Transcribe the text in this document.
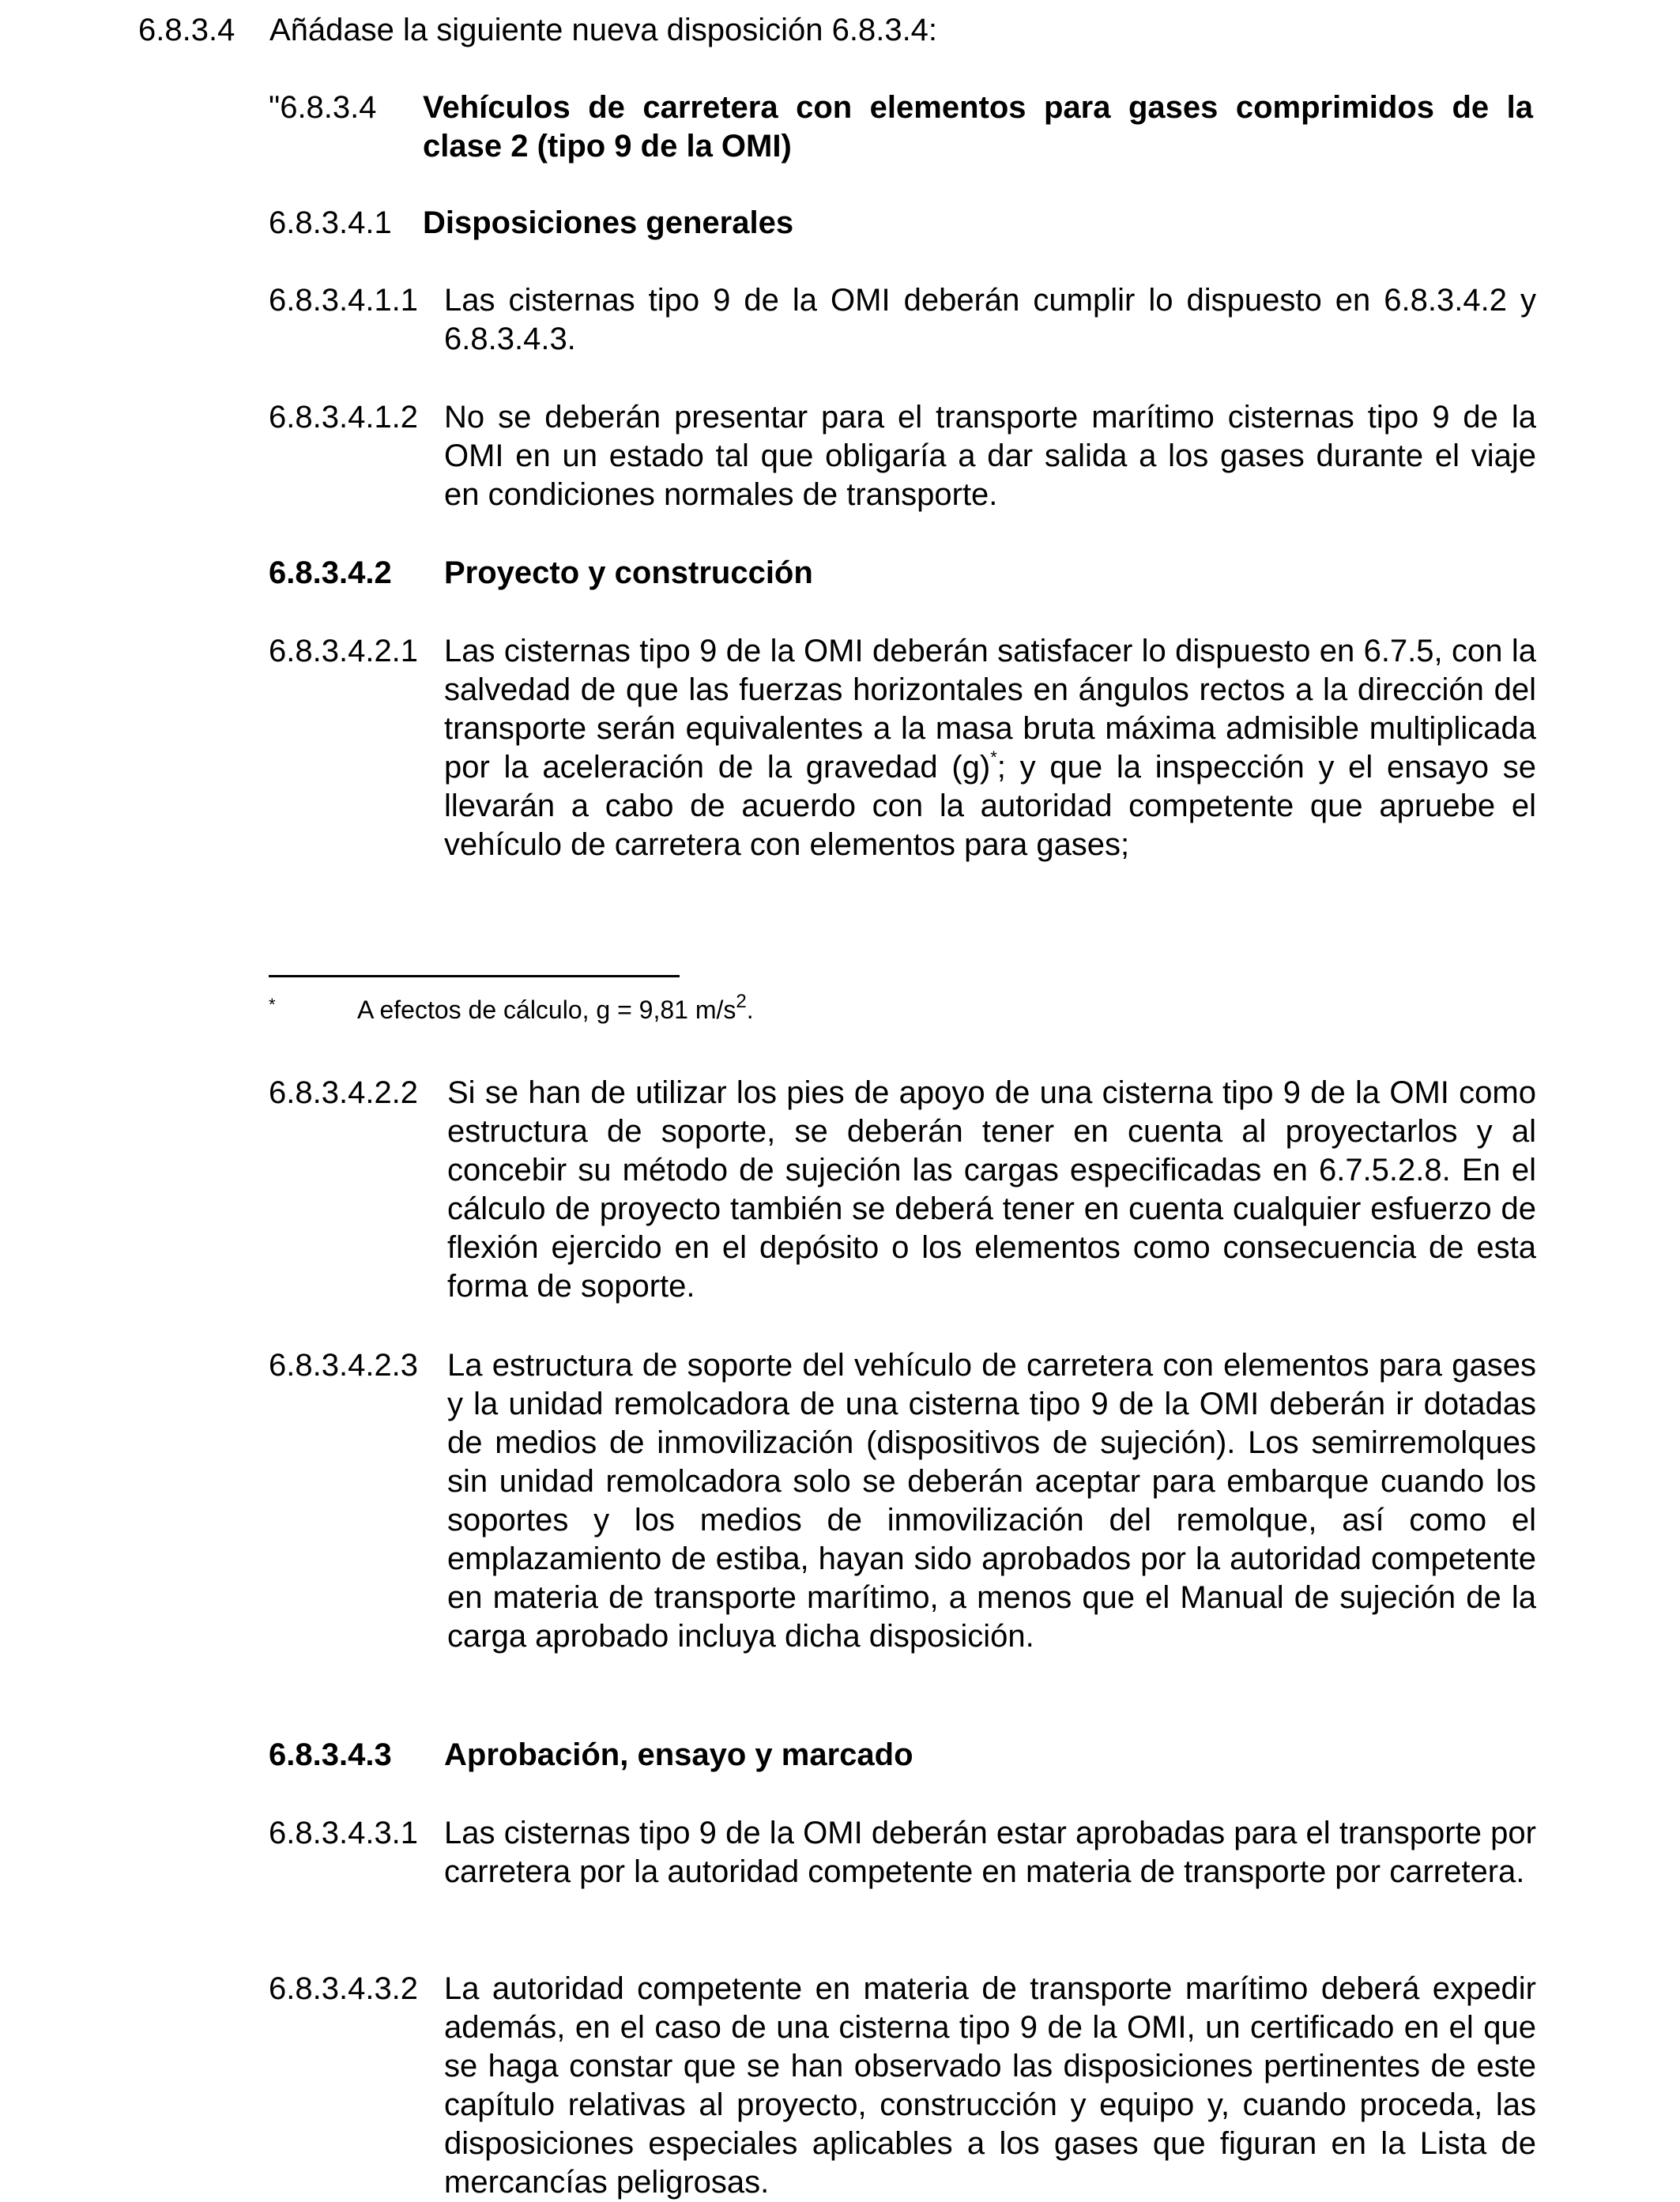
6.8.3.4 Añádase la siguiente nueva disposición 6.8.3.4:
"6.8.3.4 Vehículos de carretera con elementos para gases comprimidos de la clase 2 (tipo 9 de la OMI)
6.8.3.4.1 Disposiciones generales
6.8.3.4.1.1 Las cisternas tipo 9 de la OMI deberán cumplir lo dispuesto en 6.8.3.4.2 y 6.8.3.4.3.
6.8.3.4.1.2 No se deberán presentar para el transporte marítimo cisternas tipo 9 de la OMI en un estado tal que obligaría a dar salida a los gases durante el viaje en condiciones normales de transporte.
6.8.3.4.2 Proyecto y construcción
6.8.3.4.2.1 Las cisternas tipo 9 de la OMI deberán satisfacer lo dispuesto en 6.7.5, con la salvedad de que las fuerzas horizontales en ángulos rectos a la dirección del transporte serán equivalentes a la masa bruta máxima admisible multiplicada por la aceleración de la gravedad (g)*; y que la inspección y el ensayo se llevarán a cabo de acuerdo con la autoridad competente que apruebe el vehículo de carretera con elementos para gases;
*	A efectos de cálculo, g = 9,81 $m/s^2$.
6.8.3.4.2.2 Si se han de utilizar los pies de apoyo de una cisterna tipo 9 de la OMI como estructura de soporte, se deberán tener en cuenta al proyectarlos y al concebir su método de sujeción las cargas especificadas en 6.7.5.2.8. En el cálculo de proyecto también se deberá tener en cuenta cualquier esfuerzo de flexión ejercido en el depósito o los elementos como consecuencia de esta forma de soporte.
6.8.3.4.2.3 La estructura de soporte del vehículo de carretera con elementos para gases y la unidad remolcadora de una cisterna tipo 9 de la OMI deberán ir dotadas de medios de inmovilización (dispositivos de sujeción). Los semirremolques sin unidad remolcadora solo se deberán aceptar para embarque cuando los soportes y los medios de inmovilización del remolque, así como el emplazamiento de estiba, hayan sido aprobados por la autoridad competente en materia de transporte marítimo, a menos que el Manual de sujeción de la carga aprobado incluya dicha disposición.
6.8.3.4.3 Aprobación, ensayo y marcado
6.8.3.4.3.1 Las cisternas tipo 9 de la OMI deberán estar aprobadas para el transporte por carretera por la autoridad competente en materia de transporte por carretera.
6.8.3.4.3.2 La autoridad competente en materia de transporte marítimo deberá expedir además, en el caso de una cisterna tipo 9 de la OMI, un certificado en el que se haga constar que se han observado las disposiciones pertinentes de este capítulo relativas al proyecto, construcción y equipo y, cuando proceda, las disposiciones especiales aplicables a los gases que figuran en la Lista de mercancías peligrosas.
